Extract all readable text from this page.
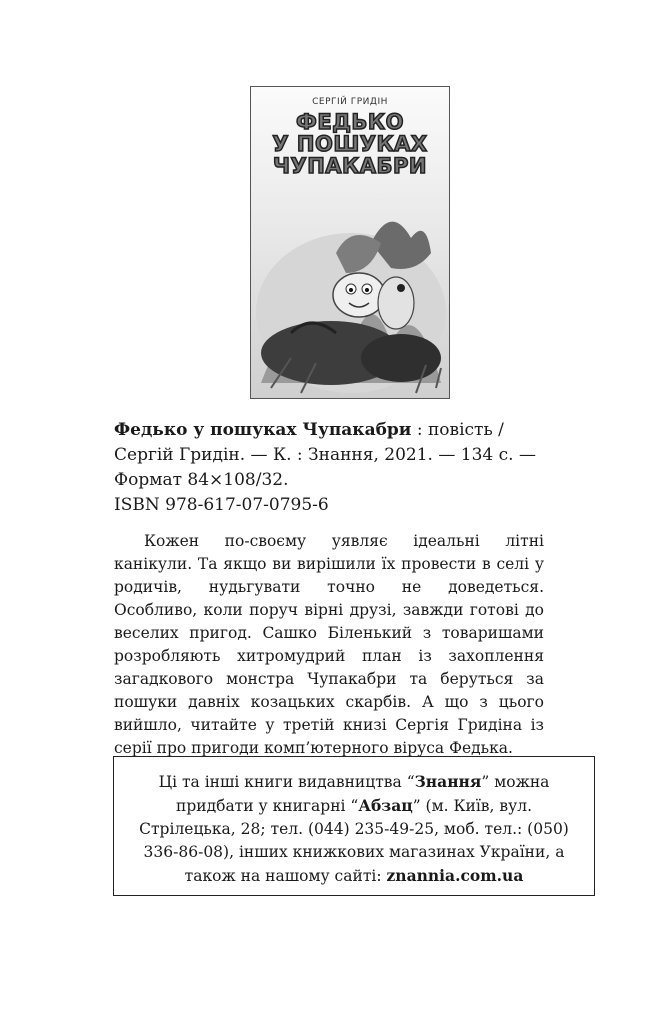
СЕРГІЙ ГРИДІН
ФЕДЬКО
У ПОШУКАХ
ЧУПАКАБРИ
Федько у пошуках Чупакабри : повість /
Сергій Гридін. — К. : Знання, 2021. — 134 с. —
Формат 84×108/32.
ISBN 978-617-07-0795-6

Кожен по-своєму уявляє ідеальні літні канікули. Та якщо ви вирішили їх провести в селі у родичів, нудьгувати точно не доведеться. Особливо, коли поруч вірні друзі, завжди готові до веселих пригод. Сашко Біленький з товаришами розробляють хитромудрий план із захоплення загадкового монстра Чупакабри та беруться за пошуки давніх козацьких скарбів. А що з цього вийшло, читайте у третій книзі Сергія Гридіна із серії про пригоди комп’ютерного віруса Федька.

Ці та інші книги видавництва “Знання” можна придбати у книгарні “Абзац” (м. Київ, вул. Стрілецька, 28; тел. (044) 235-49-25, моб. тел.: (050) 336-86-08), інших книжкових магазинах України, а також на нашому сайті: znannia.com.ua
